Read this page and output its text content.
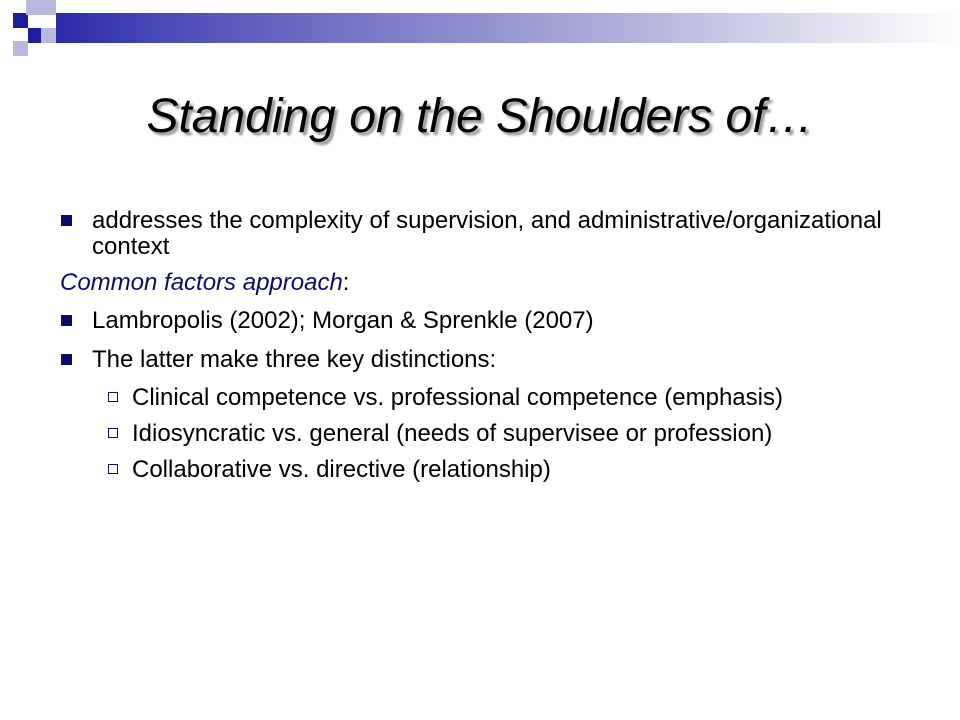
Standing on the Shoulders of…
addresses the complexity of supervision, and administrative/organizational context
Common factors approach:
Lambropolis (2002); Morgan & Sprenkle (2007)
The latter make three key distinctions:
Clinical competence vs. professional competence (emphasis)
Idiosyncratic vs. general (needs of supervisee or profession)
Collaborative vs. directive (relationship)
